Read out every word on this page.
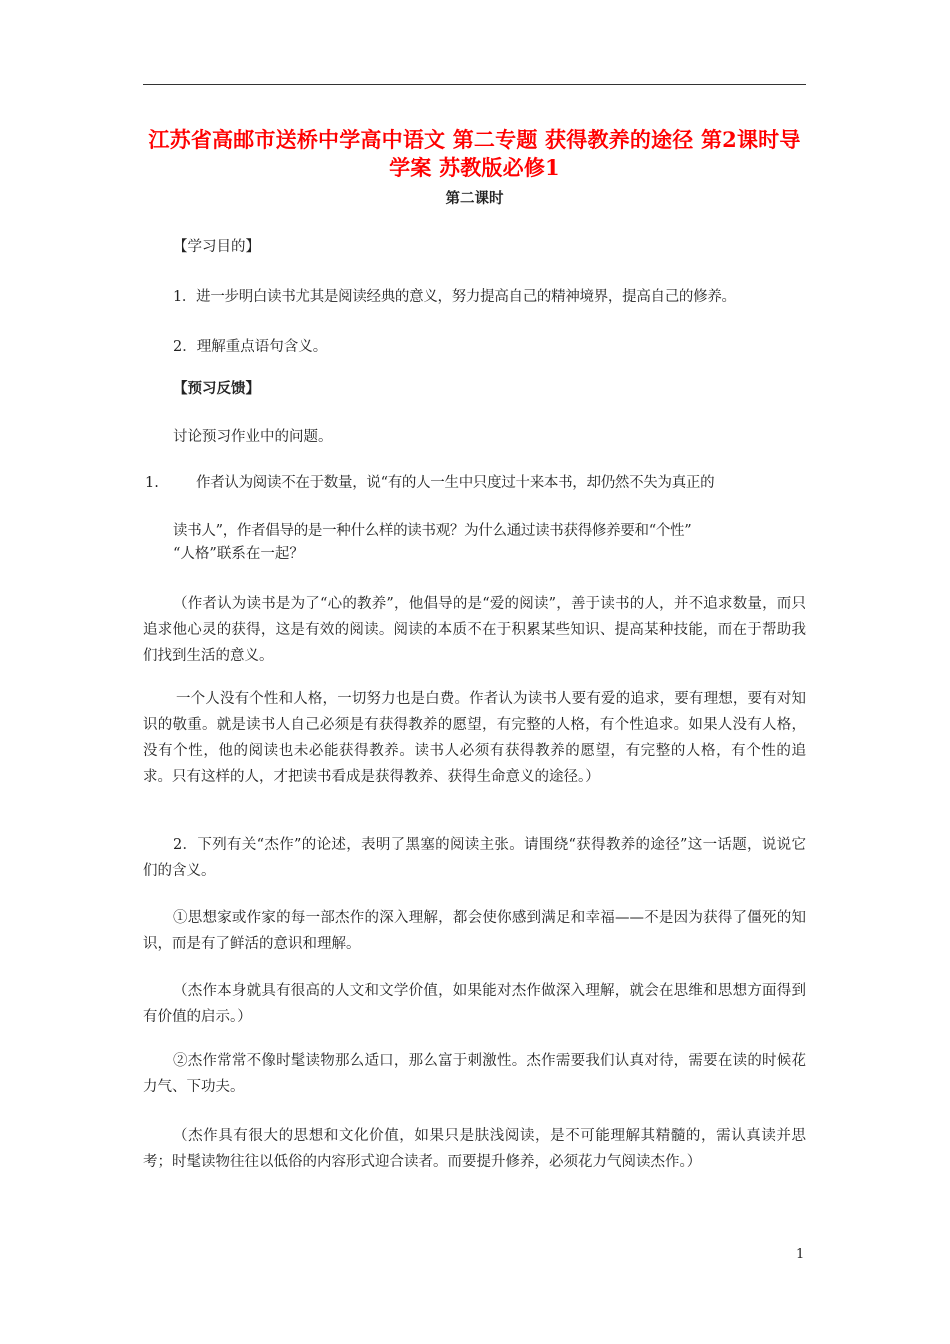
江苏省高邮市送桥中学高中语文 第二专题 获得教养的途径 第2课时导学案 苏教版必修1
第二课时

【学习目的】

1．进一步明白读书尤其是阅读经典的意义，努力提高自己的精神境界，提高自己的修养。

2．理解重点语句含义。

【预习反馈】

讨论预习作业中的问题。

1.	作者认为阅读不在于数量，说“有的人一生中只度过十来本书，却仍然不失为真正的

读书人”，作者倡导的是一种什么样的读书观？为什么通过读书获得修养要和“个性”

“人格”联系在一起？

（作者认为读书是为了“心的教养”，他倡导的是“爱的阅读”，善于读书的人，并不追求数量，而只追求他心灵的获得，这是有效的阅读。阅读的本质不在于积累某些知识、提高某种技能，而在于帮助我们找到生活的意义。

一个人没有个性和人格，一切努力也是白费。作者认为读书人要有爱的追求，要有理想，要有对知识的敬重。就是读书人自己必须是有获得教养的愿望，有完整的人格，有个性追求。如果人没有人格，没有个性，他的阅读也未必能获得教养。读书人必须有获得教养的愿望，有完整的人格，有个性的追求。只有这样的人，才把读书看成是获得教养、获得生命意义的途径。）

2．下列有关“杰作”的论述，表明了黑塞的阅读主张。请围绕“获得教养的途径”这一话题，说说它们的含义。

①思想家或作家的每一部杰作的深入理解，都会使你感到满足和幸福——不是因为获得了僵死的知识，而是有了鲜活的意识和理解。

（杰作本身就具有很高的人文和文学价值，如果能对杰作做深入理解，就会在思维和思想方面得到有价值的启示。）

②杰作常常不像时髦读物那么适口，那么富于刺激性。杰作需要我们认真对待，需要在读的时候花力气、下功夫。

（杰作具有很大的思想和文化价值，如果只是肤浅阅读，是不可能理解其精髓的，需认真读并思考；时髦读物往往以低俗的内容形式迎合读者。而要提升修养，必须花力气阅读杰作。）

1
